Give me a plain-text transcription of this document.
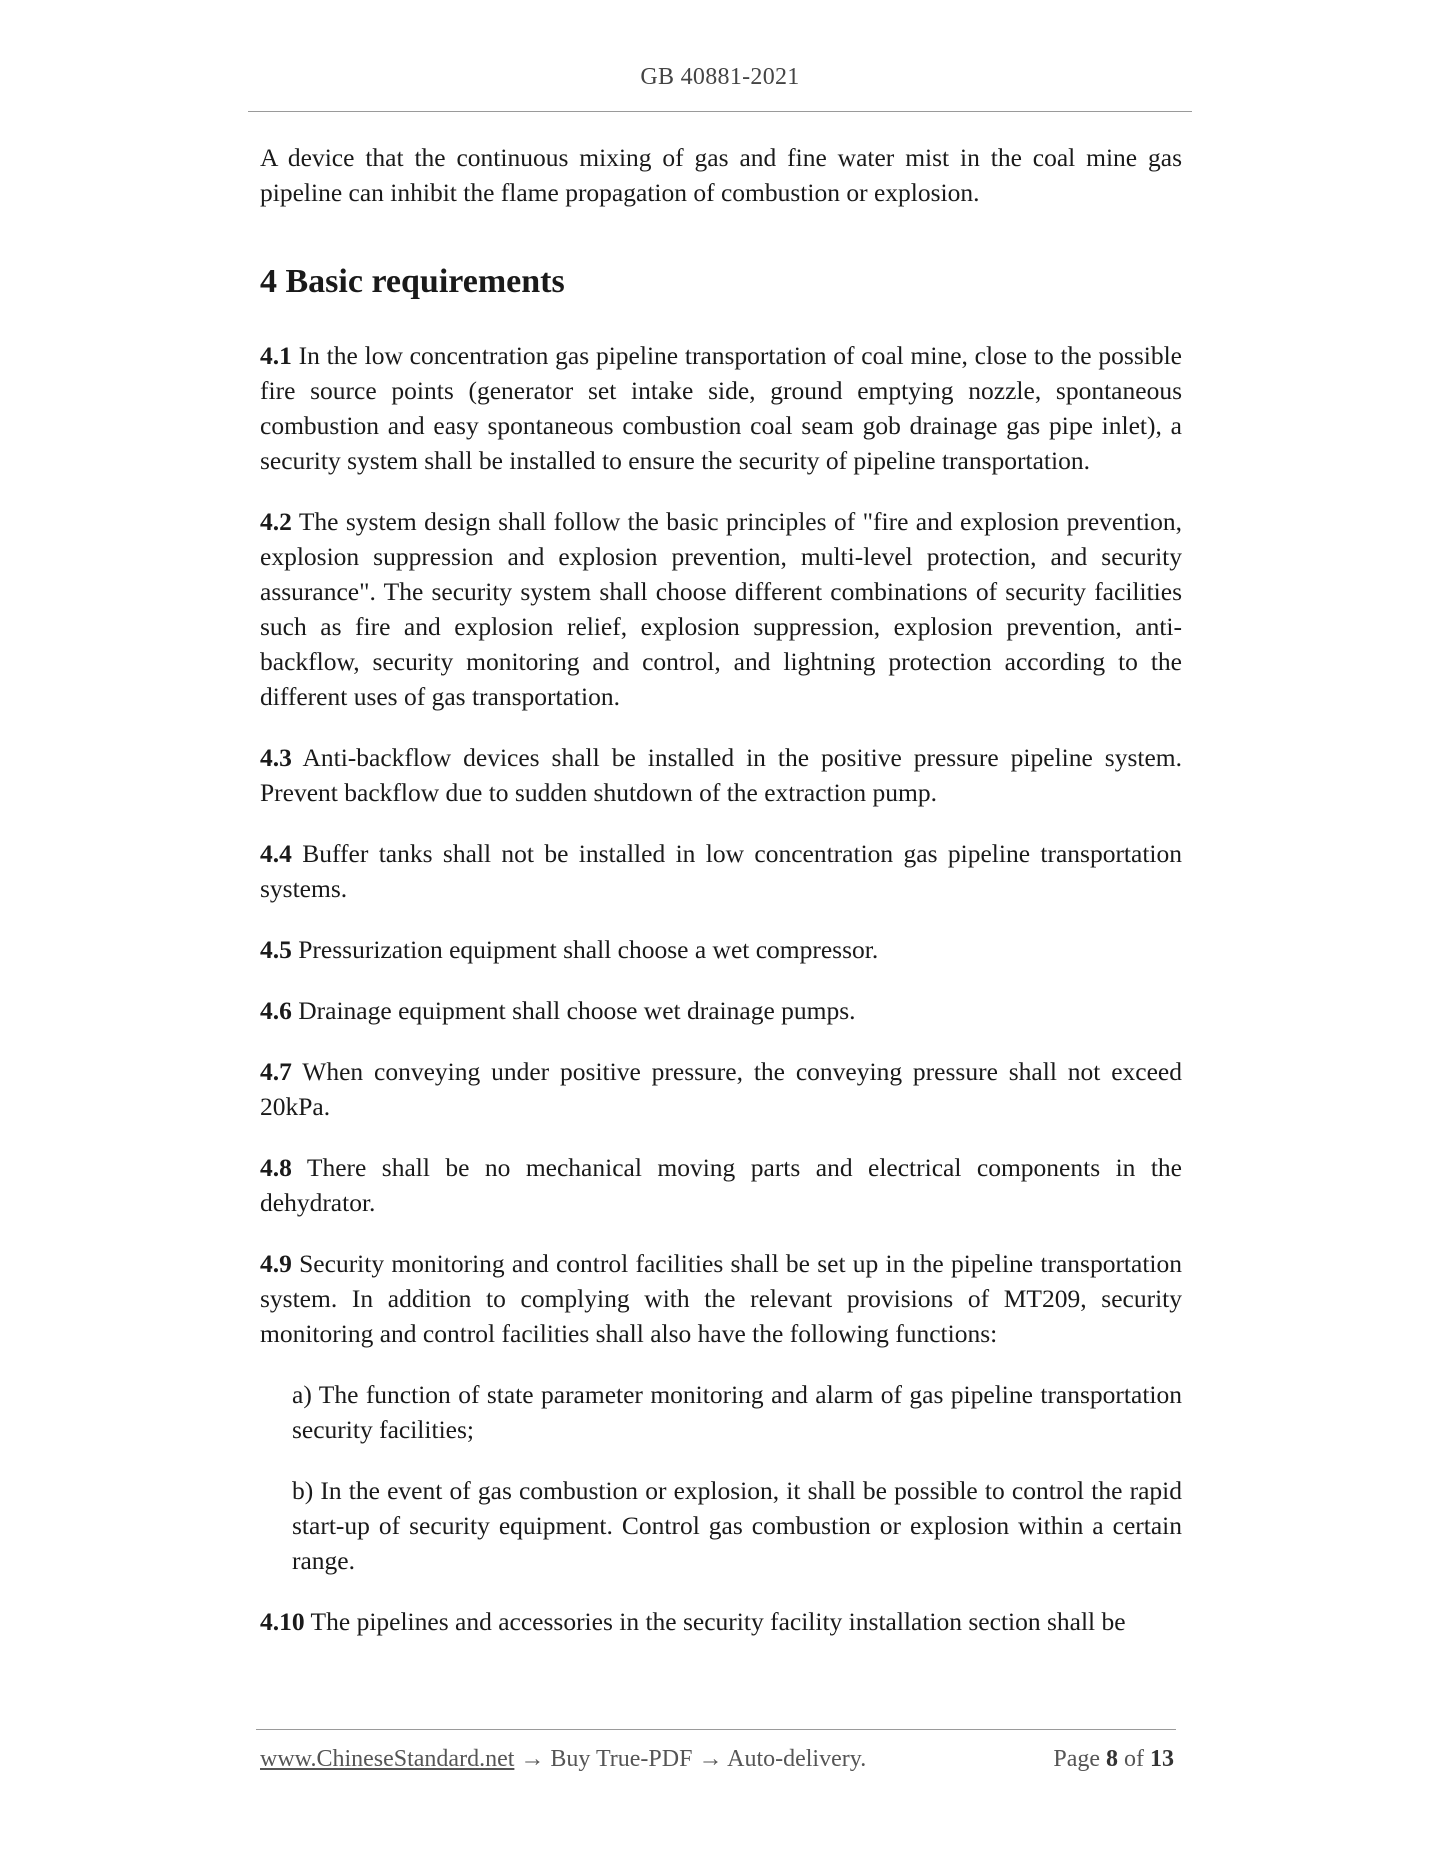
GB 40881-2021

A device that the continuous mixing of gas and fine water mist in the coal mine gas pipeline can inhibit the flame propagation of combustion or explosion.

4 Basic requirements

4.1 In the low concentration gas pipeline transportation of coal mine, close to the possible fire source points (generator set intake side, ground emptying nozzle, spontaneous combustion and easy spontaneous combustion coal seam gob drainage gas pipe inlet), a security system shall be installed to ensure the security of pipeline transportation.

4.2 The system design shall follow the basic principles of "fire and explosion prevention, explosion suppression and explosion prevention, multi-level protection, and security assurance". The security system shall choose different combinations of security facilities such as fire and explosion relief, explosion suppression, explosion prevention, anti-backflow, security monitoring and control, and lightning protection according to the different uses of gas transportation.

4.3 Anti-backflow devices shall be installed in the positive pressure pipeline system. Prevent backflow due to sudden shutdown of the extraction pump.

4.4 Buffer tanks shall not be installed in low concentration gas pipeline transportation systems.

4.5 Pressurization equipment shall choose a wet compressor.

4.6 Drainage equipment shall choose wet drainage pumps.

4.7 When conveying under positive pressure, the conveying pressure shall not exceed 20kPa.

4.8 There shall be no mechanical moving parts and electrical components in the dehydrator.

4.9 Security monitoring and control facilities shall be set up in the pipeline transportation system. In addition to complying with the relevant provisions of MT209, security monitoring and control facilities shall also have the following functions:

a) The function of state parameter monitoring and alarm of gas pipeline transportation security facilities;

b) In the event of gas combustion or explosion, it shall be possible to control the rapid start-up of security equipment. Control gas combustion or explosion within a certain range.

4.10 The pipelines and accessories in the security facility installation section shall be

www.ChineseStandard.net → Buy True-PDF → Auto-delivery.	Page 8 of 13
